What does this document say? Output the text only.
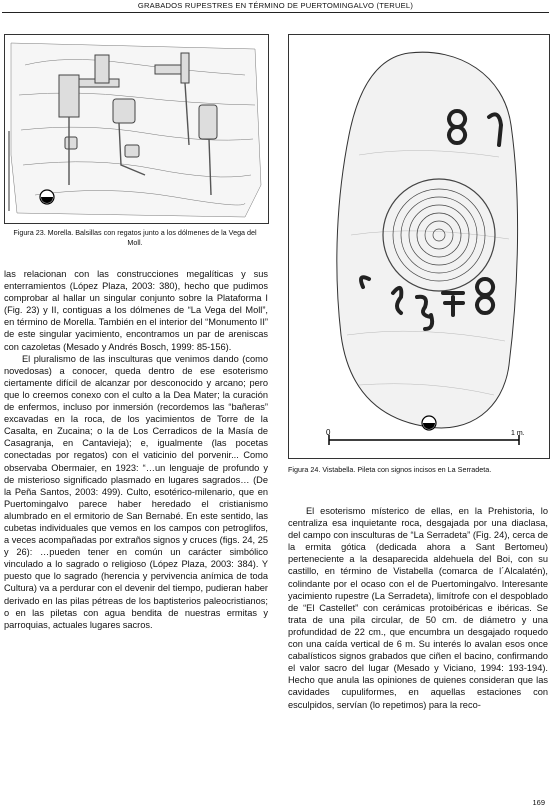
GRABADOS RUPESTRES EN TÉRMINO DE PUERTOMINGALVO (TERUEL)
Figura 23. Morella. Balsillas con regatos junto a los dólmenes de la Vega del Moll.
0	1 m.
Figura 24. Vistabella. Pileta con signos incisos en La Serradeta.

las relacionan con las construcciones megalíticas y sus enterramientos (López Plaza, 2003: 380), hecho que pudimos comprobar al hallar un singular conjunto sobre la Plataforma I (Fig. 23) y II, contiguas a los dólmenes de “La Vega del Moll”, en término de Morella. También en el interior del “Monumento II” de este singular yacimiento, encontramos un par de areniscas con cazoletas (Mesado y Andrés Bosch, 1999: 85-156).

El pluralismo de las insculturas que venimos dando (como novedosas) a conocer, queda dentro de ese esoterismo ciertamente difícil de alcanzar por desconocido y arcano; pero que lo creemos conexo con el culto a la Dea Mater; la curación de enfermos, incluso por inmersión (recordemos las “bañeras” excavadas en la roca, de los yacimientos de Torre de la Casalta, en Zucaina; o la de Los Cerradicos de la Masía de Casagranja, en Cantavieja); e, igualmente (las pocetas conectadas por regatos) con el vaticinio del porvenir... Como observaba Obermaier, en 1923: “…un lenguaje de profundo y de misterioso significado plasmado en lugares sagrados… (De la Peña Santos, 2003: 499). Culto, esotérico-milenario, que en Puertomingalvo parece haber heredado el cristianismo alumbrado en el ermitorio de San Bernabé. En este sentido, las cubetas individuales que vemos en los campos con petroglifos, a veces acompañadas por extraños signos y cruces (figs. 24, 25 y 26): …pueden tener en común un carácter simbólico vinculado a lo sagrado o religioso (López Plaza, 2003: 384). Y puesto que lo sagrado (herencia y pervivencia anímica de toda Cultura) va a perdurar con el devenir del tiempo, pudieran haber derivado en las pilas pétreas de los baptisterios paleocristianos; o en las piletas con agua bendita de nuestras ermitas y parroquias, actuales lugares sacros.

El esoterismo místerico de ellas, en la Prehistoria, lo centraliza esa inquietante roca, desgajada por una diaclasa, del campo con insculturas de “La Serradeta” (Fig. 24), cerca de la ermita gótica (dedicada ahora a Sant Bertomeu) perteneciente a la desaparecida aldehuela del Boi, con su castillo, en término de Vistabella (comarca de l´Alcalatén), colindante por el ocaso con el de Puertomingalvo. Interesante yacimiento rupestre (La Serradeta), limítrofe con el despoblado de “El Castellet” con cerámicas protoibéricas e ibéricas. Se trata de una pila circular, de 50 cm. de diámetro y una profundidad de 22 cm., que encumbra un desgajado roquedo con una caída vertical de 6 m. Su interés lo avalan esos once cabalísticos signos grabados que ciñen el bacino, confirmando el valor sacro del lugar (Mesado y Viciano, 1994: 193-194). Hecho que anula las opiniones de quienes consideran que las cavidades cupuliformes, en aquellas estaciones con esculpidos, servían (lo repetimos) para la reco-

169
